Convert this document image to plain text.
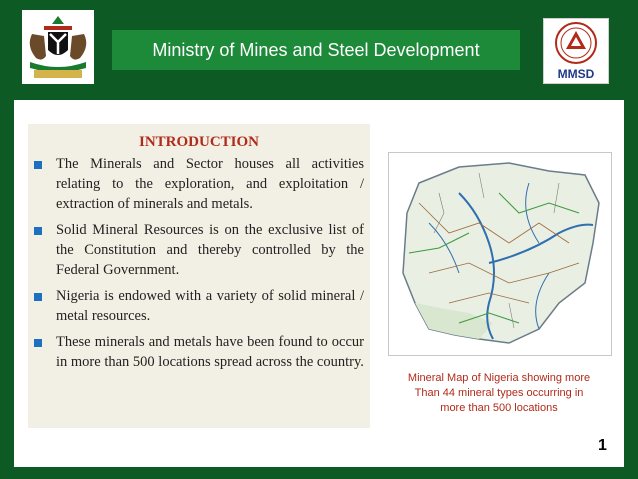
Ministry of Mines and Steel Development
MMSD
INTRODUCTION
The Minerals and Sector houses all activities relating to the exploration, and exploitation / extraction of minerals and metals.
Solid Mineral Resources is on the exclusive list of the Constitution and thereby controlled by the Federal Government.
Nigeria is endowed with a variety of solid mineral / metal resources.
These minerals and metals have been found to occur in more than 500 locations spread across the country.
Mineral Map of Nigeria showing more
Than 44 mineral types occurring in
more than 500 locations
1
